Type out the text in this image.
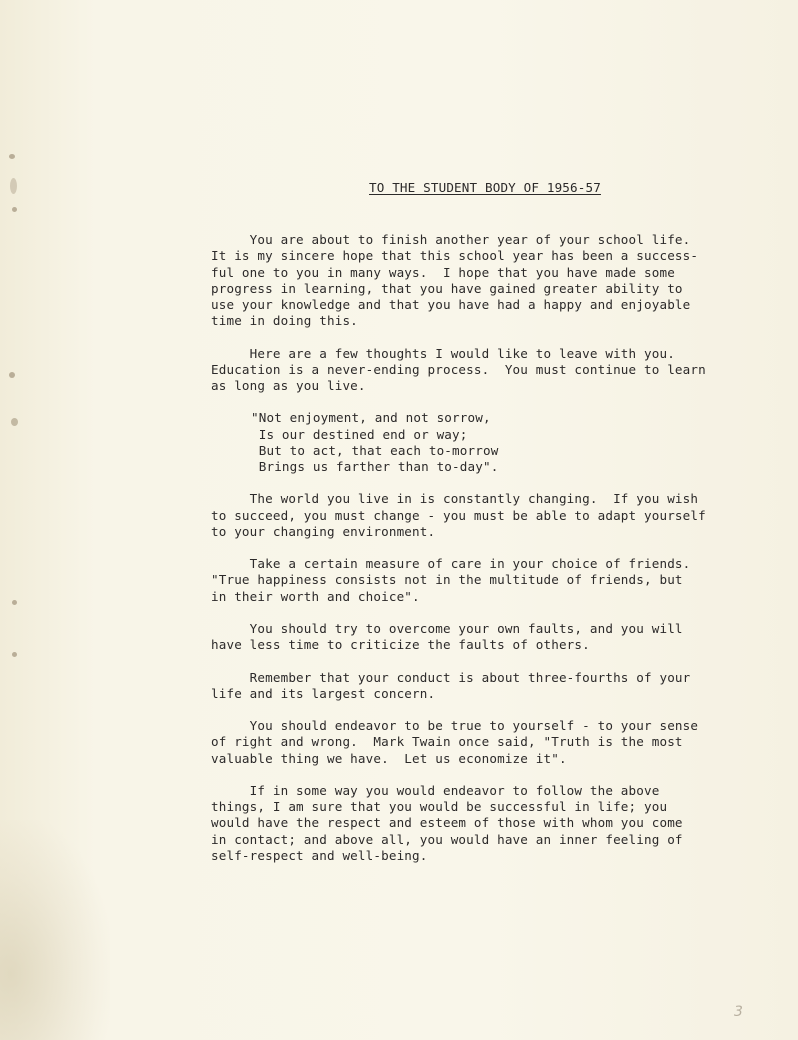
TO THE STUDENT BODY OF 1956-57
You are about to finish another year of your school life.
It is my sincere hope that this school year has been a success-
ful one to you in many ways.  I hope that you have made some
progress in learning, that you have gained greater ability to
use your knowledge and that you have had a happy and enjoyable
time in doing this.
Here are a few thoughts I would like to leave with you.
Education is a never-ending process.  You must continue to learn
as long as you live.
"Not enjoyment, and not sorrow,
Is our destined end or way;
But to act, that each to-morrow
Brings us farther than to-day".
The world you live in is constantly changing.  If you wish
to succeed, you must change - you must be able to adapt yourself
to your changing environment.
Take a certain measure of care in your choice of friends.
"True happiness consists not in the multitude of friends, but
in their worth and choice".
You should try to overcome your own faults, and you will
have less time to criticize the faults of others.
Remember that your conduct is about three-fourths of your
life and its largest concern.
You should endeavor to be true to yourself - to your sense
of right and wrong.  Mark Twain once said, "Truth is the most
valuable thing we have.  Let us economize it".
If in some way you would endeavor to follow the above
things, I am sure that you would be successful in life; you
would have the respect and esteem of those with whom you come
in contact; and above all, you would have an inner feeling of
self-respect and well-being.
3
